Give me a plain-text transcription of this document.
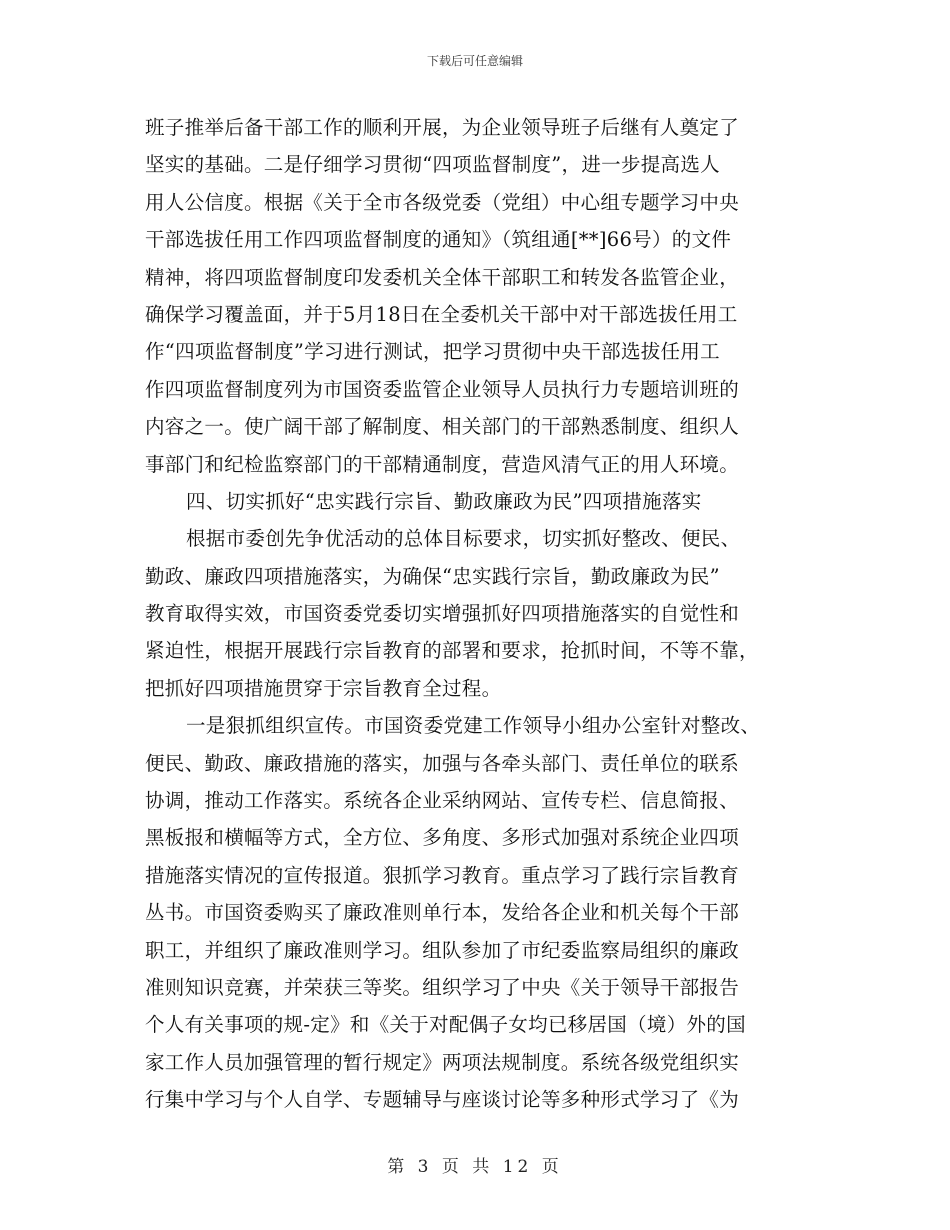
下载后可任意编辑
班子推举后备干部工作的顺利开展，为企业领导班子后继有人奠定了
坚实的基础。二是仔细学习贯彻“四项监督制度”，进一步提高选人
用人公信度。根据《关于全市各级党委（党组）中心组专题学习中央
干部选拔任用工作四项监督制度的通知》（筑组通[**]66号）的文件
精神，将四项监督制度印发委机关全体干部职工和转发各监管企业，
确保学习覆盖面，并于5月18日在全委机关干部中对干部选拔任用工
作“四项监督制度”学习进行测试，把学习贯彻中央干部选拔任用工
作四项监督制度列为市国资委监管企业领导人员执行力专题培训班的
内容之一。使广阔干部了解制度、相关部门的干部熟悉制度、组织人
事部门和纪检监察部门的干部精通制度，营造风清气正的用人环境。
四、切实抓好“忠实践行宗旨、勤政廉政为民”四项措施落实
根据市委创先争优活动的总体目标要求，切实抓好整改、便民、
勤政、廉政四项措施落实，为确保“忠实践行宗旨，勤政廉政为民”
教育取得实效，市国资委党委切实增强抓好四项措施落实的自觉性和
紧迫性，根据开展践行宗旨教育的部署和要求，抢抓时间，不等不靠，
把抓好四项措施贯穿于宗旨教育全过程。
一是狠抓组织宣传。市国资委党建工作领导小组办公室针对整改、
便民、勤政、廉政措施的落实，加强与各牵头部门、责任单位的联系
协调，推动工作落实。系统各企业采纳网站、宣传专栏、信息简报、
黑板报和横幅等方式，全方位、多角度、多形式加强对系统企业四项
措施落实情况的宣传报道。狠抓学习教育。重点学习了践行宗旨教育
丛书。市国资委购买了廉政准则单行本，发给各企业和机关每个干部
职工，并组织了廉政准则学习。组队参加了市纪委监察局组织的廉政
准则知识竞赛，并荣获三等奖。组织学习了中央《关于领导干部报告
个人有关事项的规-定》和《关于对配偶子女均已移居国（境）外的国
家工作人员加强管理的暂行规定》两项法规制度。系统各级党组织实
行集中学习与个人自学、专题辅导与座谈讨论等多种形式学习了《为
第 3 页 共 12 页
